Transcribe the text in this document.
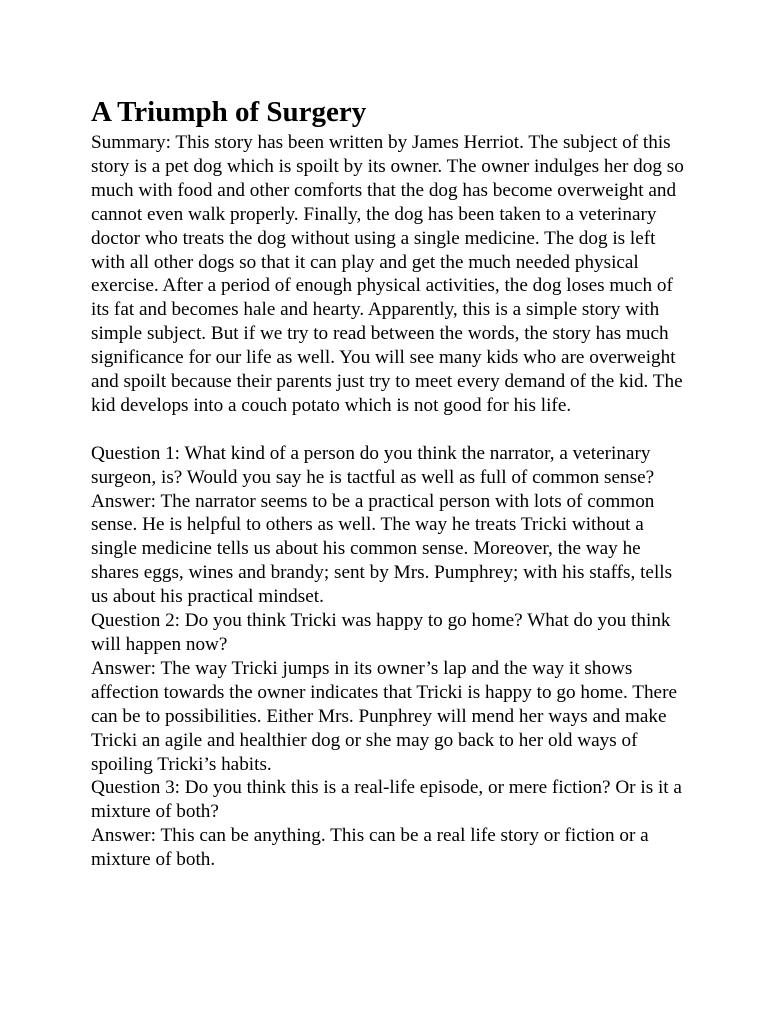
A Triumph of Surgery

Summary: This story has been written by James Herriot. The subject of this story is a pet dog which is spoilt by its owner. The owner indulges her dog so much with food and other comforts that the dog has become overweight and cannot even walk properly. Finally, the dog has been taken to a veterinary doctor who treats the dog without using a single medicine. The dog is left with all other dogs so that it can play and get the much needed physical exercise. After a period of enough physical activities, the dog loses much of its fat and becomes hale and hearty. Apparently, this is a simple story with simple subject. But if we try to read between the words, the story has much significance for our life as well. You will see many kids who are overweight and spoilt because their parents just try to meet every demand of the kid. The kid develops into a couch potato which is not good for his life.

Question 1: What kind of a person do you think the narrator, a veterinary surgeon, is? Would you say he is tactful as well as full of common sense?

Answer: The narrator seems to be a practical person with lots of common sense. He is helpful to others as well. The way he treats Tricki without a single medicine tells us about his common sense. Moreover, the way he shares eggs, wines and brandy; sent by Mrs. Pumphrey; with his staffs, tells us about his practical mindset.

Question 2: Do you think Tricki was happy to go home? What do you think will happen now?

Answer: The way Tricki jumps in its owner’s lap and the way it shows affection towards the owner indicates that Tricki is happy to go home. There can be to possibilities. Either Mrs. Punphrey will mend her ways and make Tricki an agile and healthier dog or she may go back to her old ways of spoiling Tricki’s habits.

Question 3: Do you think this is a real-life episode, or mere fiction? Or is it a mixture of both?

Answer: This can be anything. This can be a real life story or fiction or a mixture of both.
